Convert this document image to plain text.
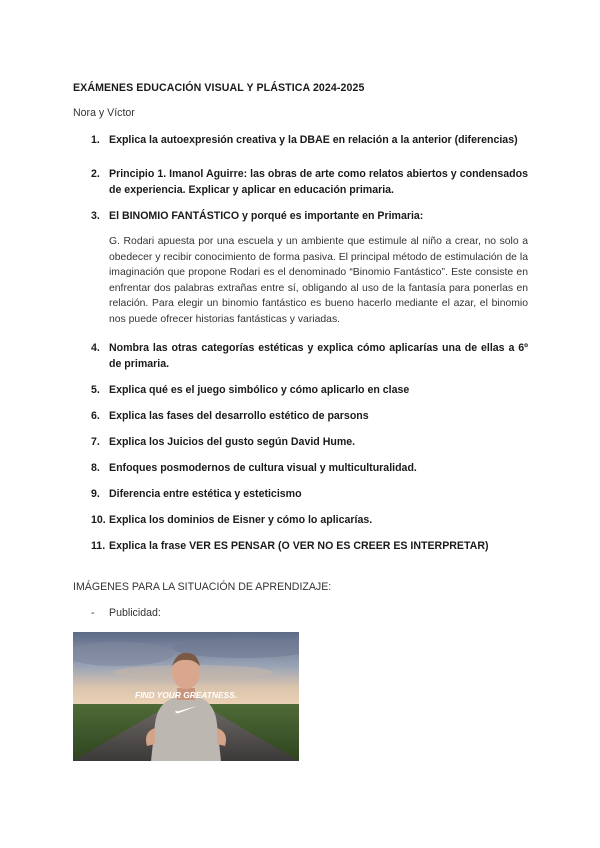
EXÁMENES EDUCACIÓN VISUAL Y PLÁSTICA 2024-2025
Nora y Víctor
1. Explica la autoexpresión creativa y la DBAE en relación a la anterior (diferencias)
2. Principio 1. Imanol Aguirre: las obras de arte como relatos abiertos y condensados de experiencia. Explicar y aplicar en educación primaria.
3. El BINOMIO FANTÁSTICO y porqué es importante en Primaria:

G. Rodari apuesta por una escuela y un ambiente que estimule al niño a crear, no solo a obedecer y recibir conocimiento de forma pasiva. El principal método de estimulación de la imaginación que propone Rodari es el denominado “Binomio Fantástico”. Este consiste en enfrentar dos palabras extrañas entre sí, obligando al uso de la fantasía para ponerlas en relación. Para elegir un binomio fantástico es bueno hacerlo mediante el azar, el binomio nos puede ofrecer historias fantásticas y variadas.

4. Nombra las otras categorías estéticas y explica cómo aplicarías una de ellas a 6º de primaria.
5. Explica qué es el juego simbólico y cómo aplicarlo en clase
6. Explica las fases del desarrollo estético de parsons
7. Explica los Juicios del gusto según David Hume.
8. Enfoques posmodernos de cultura visual y multiculturalidad.
9. Diferencia entre estética y esteticismo
10. Explica los dominios de Eisner y cómo lo aplicarías.
11. Explica la frase VER ES PENSAR (O VER NO ES CREER ES INTERPRETAR)
IMÁGENES PARA LA SITUACIÓN DE APRENDIZAJE:
- Publicidad:
FIND YOUR GREATNESS.
